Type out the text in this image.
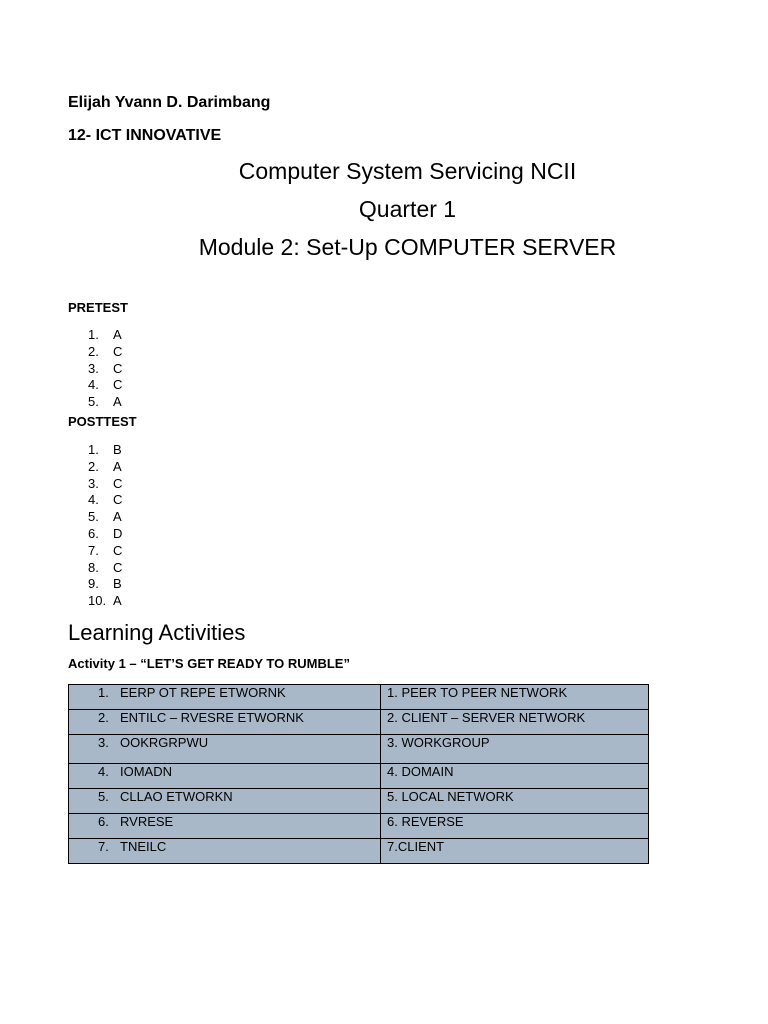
Elijah Yvann D. Darimbang
12- ICT INNOVATIVE
Computer System Servicing NCII
Quarter 1
Module 2: Set-Up COMPUTER SERVER
PRETEST
1.	A
2.	C
3.	C
4.	C
5.	A
POSTTEST
1.	B
2.	A
3.	C
4.	C
5.	A
6.	D
7.	C
8.	C
9.	B
10. A
Learning Activities
Activity 1 – “LET’S GET READY TO RUMBLE”
1. EERP OT REPE ETWORNK	1. PEER TO PEER NETWORK
2. ENTILC – RVESRE ETWORNK	2. CLIENT – SERVER NETWORK
3. OOKRGRPWU	3. WORKGROUP
4. IOMADN	4. DOMAIN
5. CLLAO ETWORKN	5. LOCAL NETWORK
6. RVRESE	6. REVERSE
7. TNEILC	7.CLIENT
